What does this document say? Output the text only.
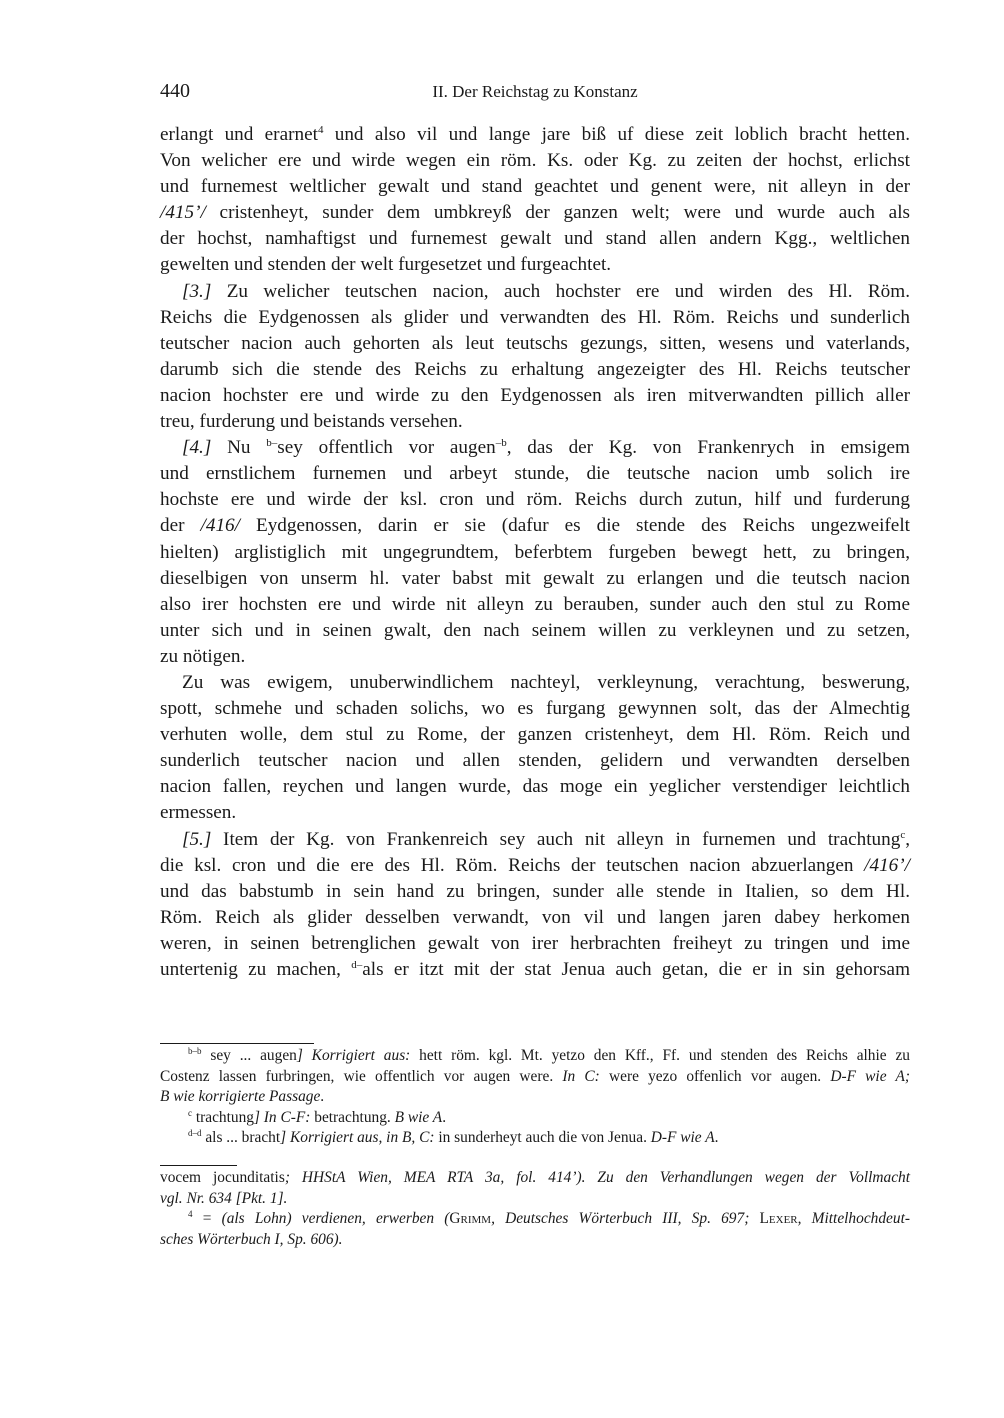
440	II. Der Reichstag zu Konstanz
erlangt und erarnet$^4$ und also vil und lange jare biß uf diese zeit loblich bracht hetten.
Von welicher ere und wirde wegen ein röm. Ks. oder Kg. zu zeiten der hochst, erlichst
und furnemest weltlicher gewalt und stand geachtet und genent were, nit alleyn in der
/415’/ cristenheyt, sunder dem umbkreyß der ganzen welt; were und wurde auch als
der hochst, namhaftigst und furnemest gewalt und stand allen andern Kgg., weltlichen
gewelten und stenden der welt furgesetzet und furgeachtet.
[3.] Zu welicher teutschen nacion, auch hochster ere und wirden des Hl. Röm.
Reichs die Eydgenossen als glider und verwandten des Hl. Röm. Reichs und sunderlich
teutscher nacion auch gehorten als leut teutschs gezungs, sitten, wesens und vaterlands,
darumb sich die stende des Reichs zu erhaltung angezeigter des Hl. Reichs teutscher
nacion hochster ere und wirde zu den Eydgenossen als iren mitverwandten pillich aller
treu, furderung und beistands versehen.
[4.] Nu $^{b-}$sey offentlich vor augen$^{-b}$, das der Kg. von Frankenrych in emsigem
und ernstlichem furnemen und arbeyt stunde, die teutsche nacion umb solich ire
hochste ere und wirde der ksl. cron und röm. Reichs durch zutun, hilf und furderung
der /416/ Eydgenossen, darin er sie (dafur es die stende des Reichs ungezweifelt
hielten) arglistiglich mit ungegrundtem, beferbtem furgeben bewegt hett, zu bringen,
dieselbigen von unserm hl. vater babst mit gewalt zu erlangen und die teutsch nacion
also irer hochsten ere und wirde nit alleyn zu berauben, sunder auch den stul zu Rome
unter sich und in seinen gwalt, den nach seinem willen zu verkleynen und zu setzen,
zu nötigen.
Zu was ewigem, unuberwindlichem nachteyl, verkleynung, verachtung, beswerung,
spott, schmehe und schaden solichs, wo es furgang gewynnen solt, das der Almechtig
verhuten wolle, dem stul zu Rome, der ganzen cristenheyt, dem Hl. Röm. Reich und
sunderlich teutscher nacion und allen stenden, gelidern und verwandten derselben
nacion fallen, reychen und langen wurde, das moge ein yeglicher verstendiger leichtlich
ermessen.
[5.] Item der Kg. von Frankenreich sey auch nit alleyn in furnemen und trachtung$^c$,
die ksl. cron und die ere des Hl. Röm. Reichs der teutschen nacion abzuerlangen /416’/
und das babstumb in sein hand zu bringen, sunder alle stende in Italien, so dem Hl.
Röm. Reich als glider desselben verwandt, von vil und langen jaren dabey herkomen
weren, in seinen betrenglichen gewalt von irer herbrachten freiheyt zu tringen und ime
untertenig zu machen, $^{d-}$als er itzt mit der stat Jenua auch getan, die er in sin gehorsam

$^{b-b}$ sey ... augen] Korrigiert aus: hett röm. kgl. Mt. yetzo den Kff., Ff. und stenden des Reichs alhie zu
Costenz lassen furbringen, wie offentlich vor augen were. In C: were yezo offenlich vor augen. D-F wie A;
B wie korrigierte Passage.

$^c$ trachtung] In C-F: betrachtung. B wie A.

$^{d-d}$ als ... bracht] Korrigiert aus, in B, C: in sunderheyt auch die von Jenua. D-F wie A.

vocem jocunditatis; HHStA Wien, MEA RTA 3a, fol. 414’). Zu den Verhandlungen wegen der Vollmacht
vgl. Nr. 634 [Pkt. 1].

$^4$ = (als Lohn) verdienen, erwerben (Grimm, Deutsches Wörterbuch III, Sp. 697; Lexer, Mittelhochdeut-
sches Wörterbuch I, Sp. 606).
